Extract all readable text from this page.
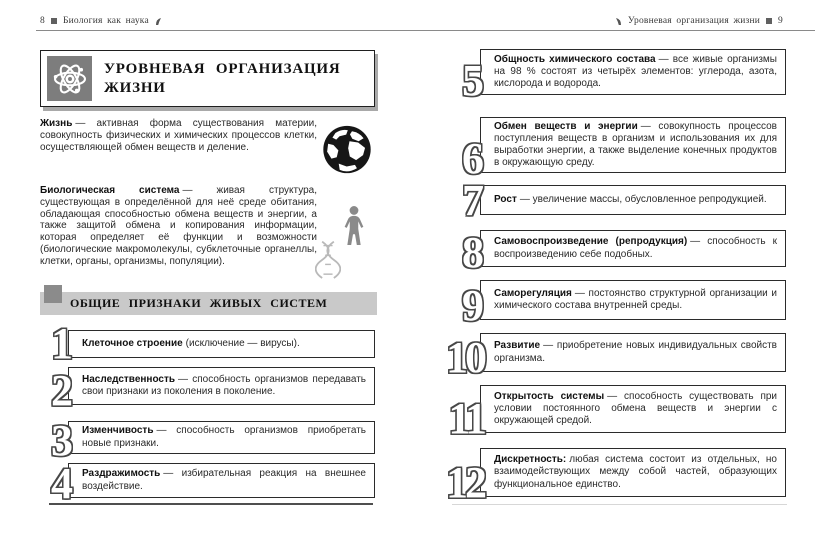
8 Биология как наука	Уровневая организация жизни 9
УРОВНЕВАЯ ОРГАНИЗАЦИЯ ЖИЗНИ

Жизнь — активная форма существования материи, совокупность физических и химических процессов клетки, осуществляющей обмен веществ и деление.

Биологическая система — живая структура, существующая в определённой для неё среде обитания, обладающая способностью обмена веществ и энергии, а также защитой обмена и копирования информации, которая определяет её функции и возможности (биологические макромолекулы, субклеточные органеллы, клетки, органы, организмы, популяции).

ОБЩИЕ ПРИЗНАКИ ЖИВЫХ СИСТЕМ
1 Клеточное строение (исключение — вирусы).

2 Наследственность — способность организмов передавать свои признаки из поколения в поколение.

3 Изменчивость — способность организмов приобретать новые признаки.

4 Раздражимость — избирательная реакция на внешнее воздействие.

5	Общность химического состава — все живые организмы на 98 % состоят из четырёх элементов: углерода, азота, кислорода и водорода.

6

Обмен веществ и энергии — совокупность процессов поступления веществ в организм и использования их для выработки энергии, а также выделение конечных продуктов в окружающую среду.

7	Рост — увеличение массы, обусловленное репродукцией.

8	Самовоспроизведение (репродукция) — способность к воспроизведению себе подобных.

9	Саморегуляция — постоянство структурной организации и химического состава внутренней среды.

10	Развитие — приобретение новых индивидуальных свойств организма.

11	Открытость системы — способность существовать при условии постоянного обмена веществ и энергии с окружающей средой.

12	Дискретность: любая система состоит из отдельных, но взаимодействующих между собой частей, образующих функциональное единство.
